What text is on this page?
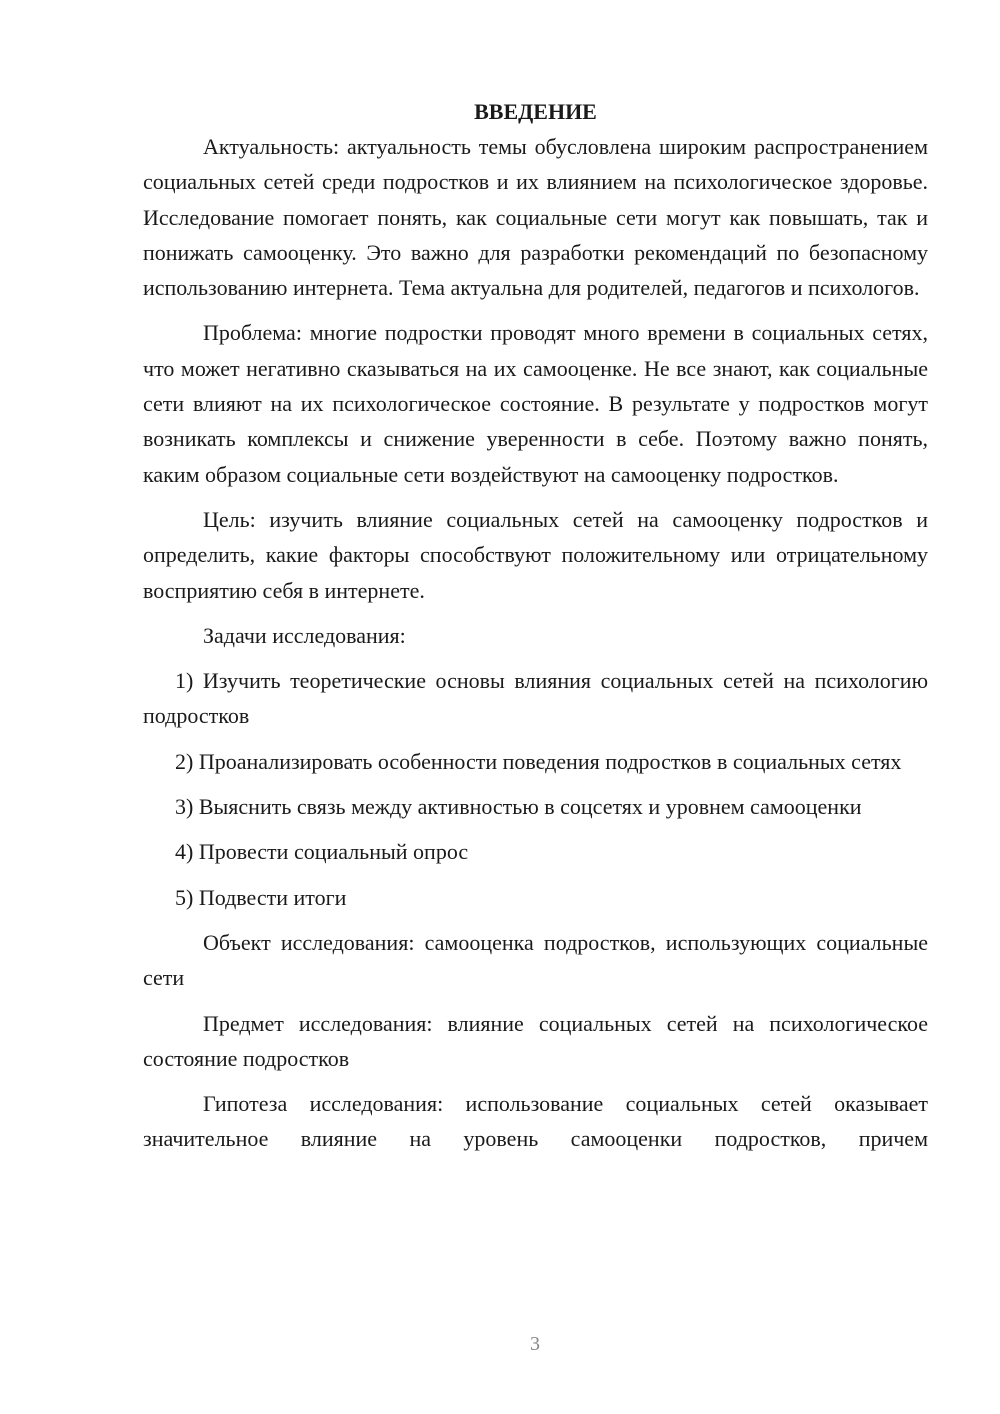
ВВЕДЕНИЕ

Актуальность: актуальность темы обусловлена широким распространением социальных сетей среди подростков и их влиянием на психологическое здоровье. Исследование помогает понять, как социальные сети могут как повышать, так и понижать самооценку. Это важно для разработки рекомендаций по безопасному использованию интернета. Тема актуальна для родителей, педагогов и психологов.

Проблема: многие подростки проводят много времени в социальных сетях, что может негативно сказываться на их самооценке. Не все знают, как социальные сети влияют на их психологическое состояние. В результате у подростков могут возникать комплексы и снижение уверенности в себе. Поэтому важно понять, каким образом социальные сети воздействуют на самооценку подростков.

Цель: изучить влияние социальных сетей на самооценку подростков и определить, какие факторы способствуют положительному или отрицательному восприятию себя в интернете.

Задачи исследования:

1) Изучить теоретические основы влияния социальных сетей на психологию подростков

2) Проанализировать особенности поведения подростков в социальных сетях

3) Выяснить связь между активностью в соцсетях и уровнем самооценки

4) Провести социальный опрос

5) Подвести итоги

Объект исследования: самооценка подростков, использующих социальные сети

Предмет исследования: влияние социальных сетей на психологическое состояние подростков

Гипотеза исследования: использование социальных сетей оказывает значительное влияние на уровень самооценки подростков, причем

3
